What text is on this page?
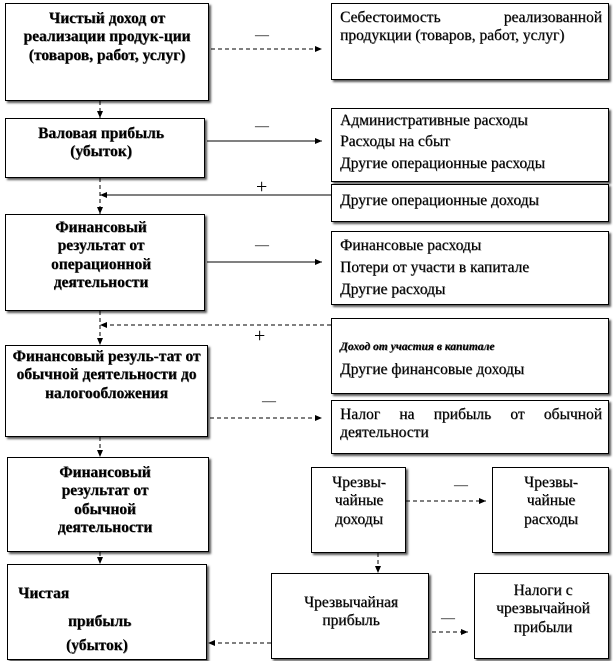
—
—
+
—
+
—
—
—
Чистый доход от реализации продук-ции (товаров, работ, услуг)
Валовая прибыль (убыток)
Финансовый результат от операционной деятельности
Финансовый резуль-тат от обычной деятельности до налогообложения
Финансовый результат от обычной деятельности
Чистая
прибыль
(убыток)
Себестоимость реализованной продукции (товаров, работ, услуг)
Административные расходы
Расходы на сбыт
Другие операционные расходы
Другие операционные доходы
Финансовые расходы
Потери от участи в капитале
Другие расходы
Доход от участия в капитале
Другие финансовые доходы
Налог на прибыль от обычной деятельности
Чрезвы-чайные доходы
Чрезвы-чайные расходы
Чрезвычайная прибыль
Налоги с чрезвычайной прибыли
